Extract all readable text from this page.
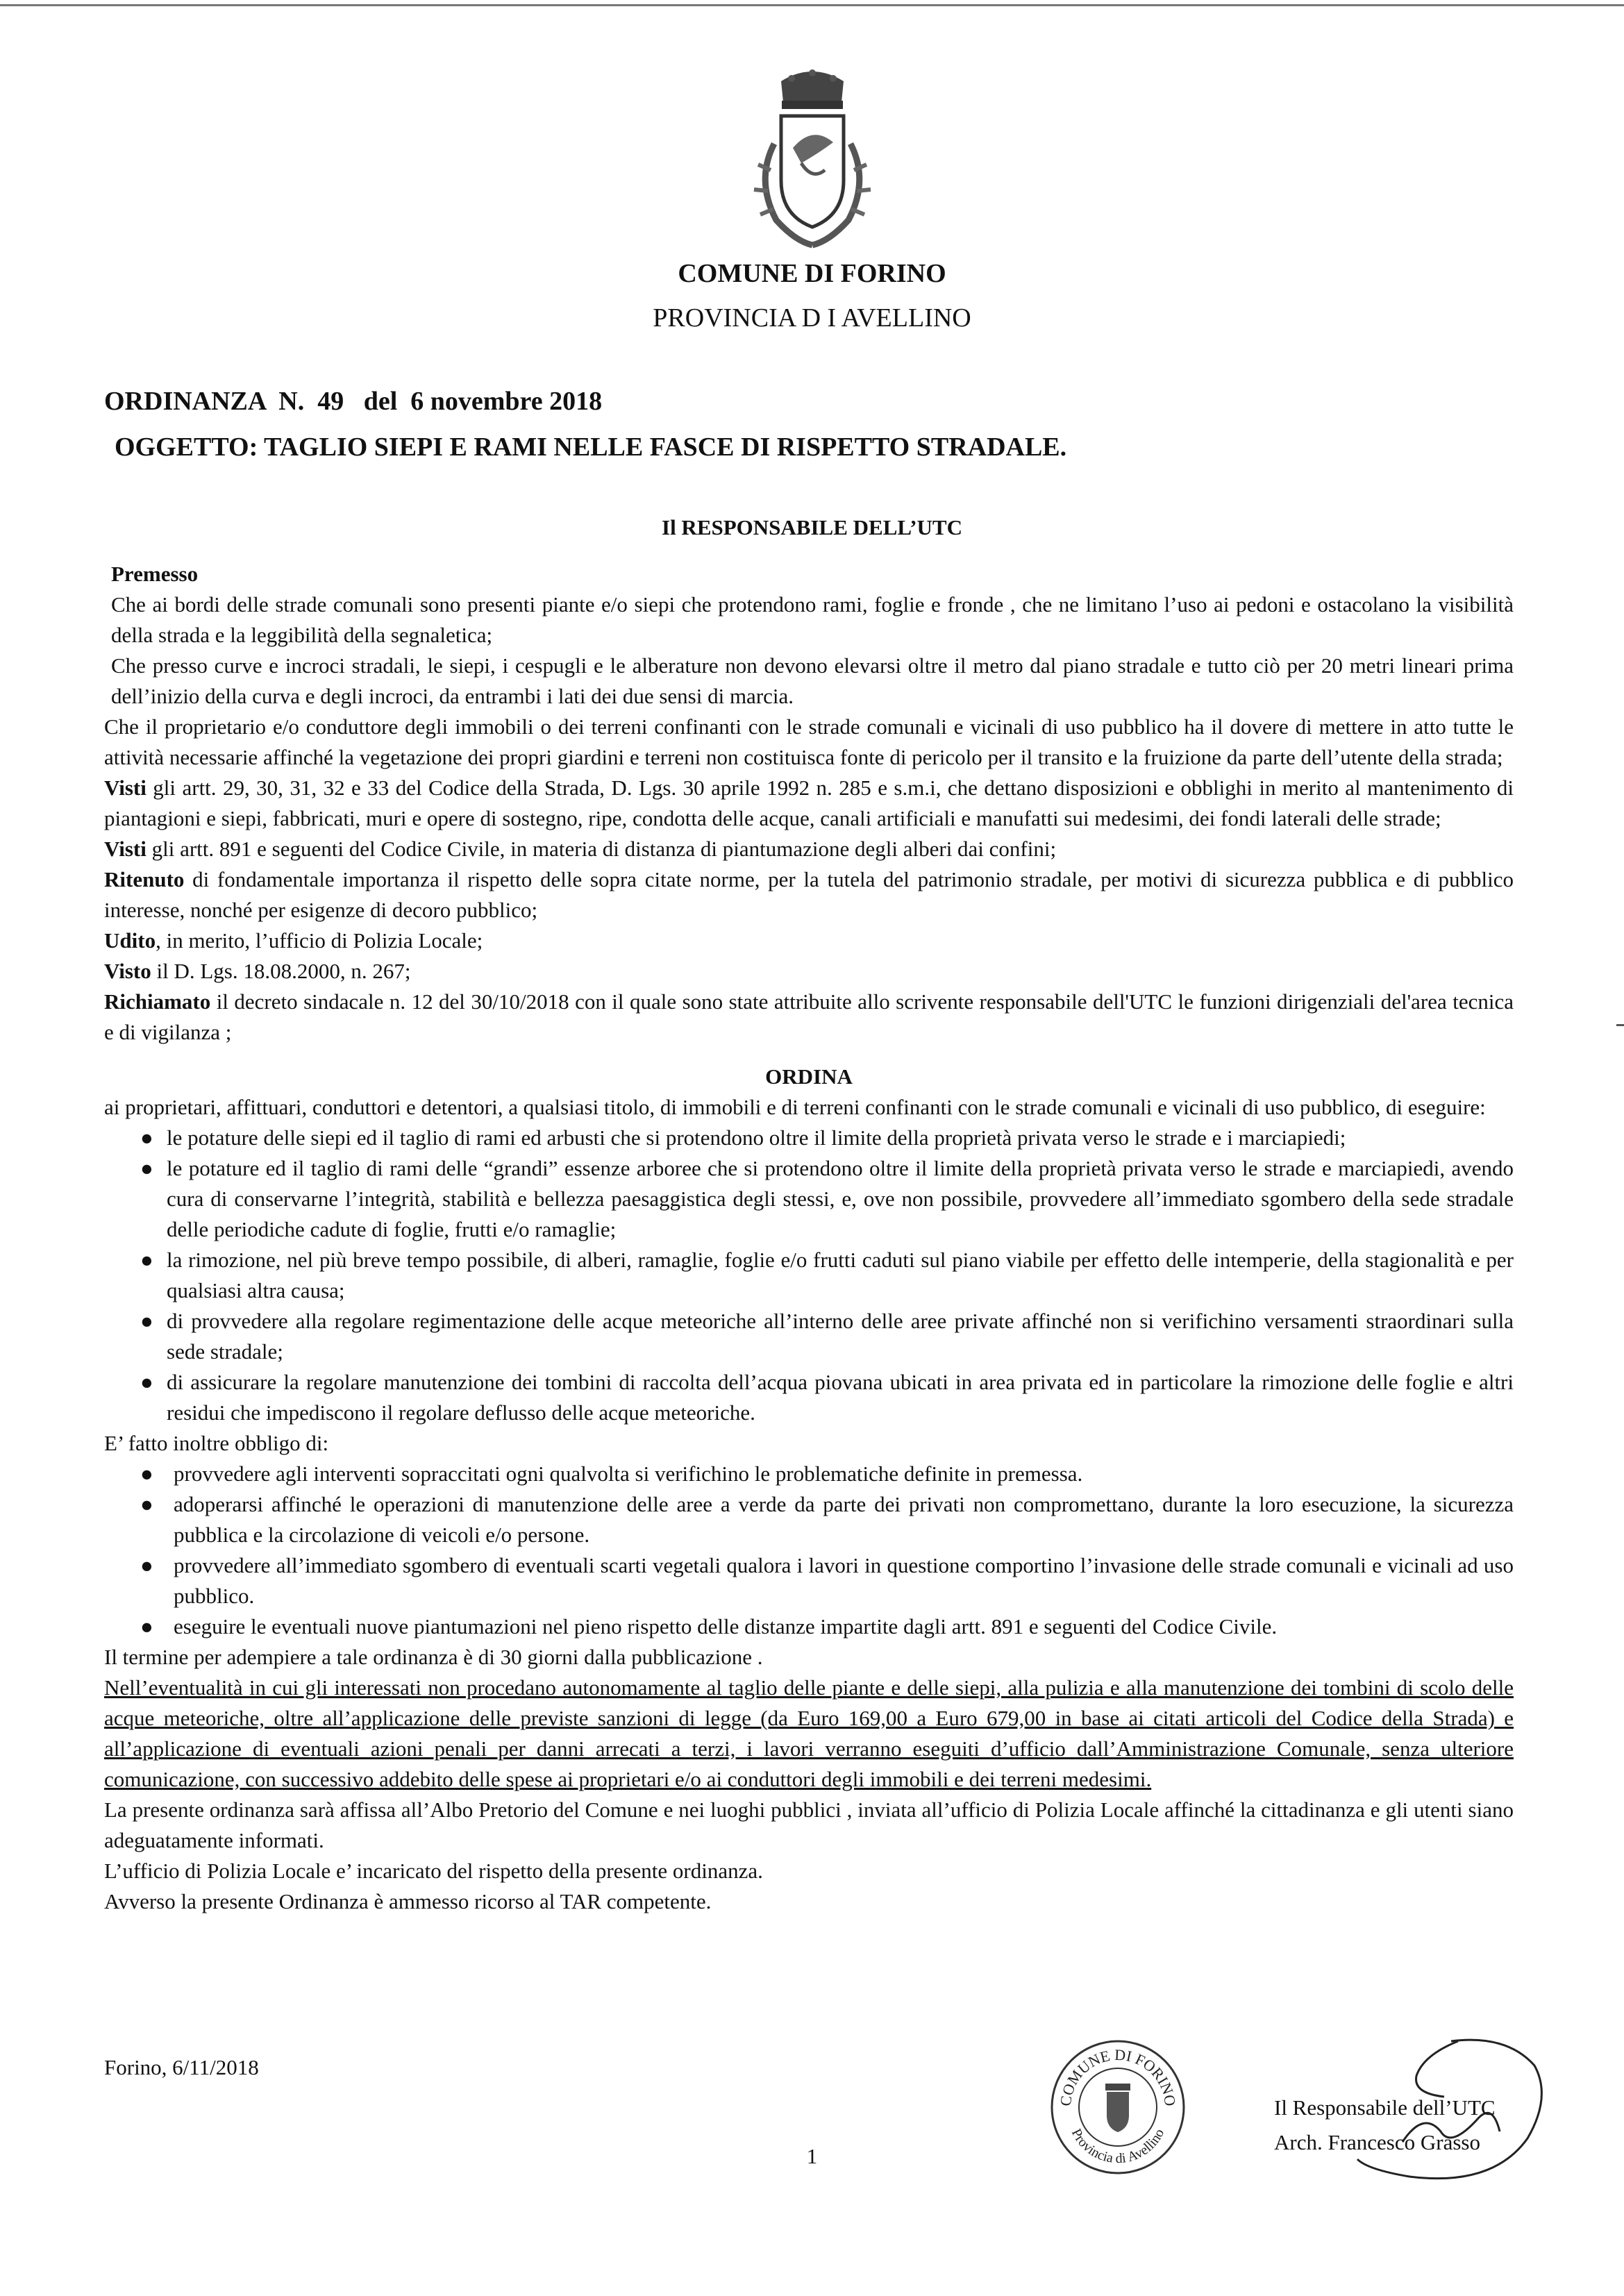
COMUNE DI FORINO
PROVINCIA D I AVELLINO
ORDINANZA  N.  49   del  6 novembre 2018
OGGETTO: TAGLIO SIEPI E RAMI NELLE FASCE DI RISPETTO STRADALE.
Il RESPONSABILE DELL’UTC

Premesso

Che ai bordi delle strade comunali sono presenti piante e/o siepi che protendono rami, foglie e fronde , che ne limitano l’uso ai pedoni e ostacolano la visibilità della strada e la leggibilità della segnaletica;

Che presso curve e incroci stradali, le siepi, i cespugli e le alberature non devono elevarsi oltre il metro dal piano stradale e tutto ciò per 20 metri lineari prima dell’inizio della curva e degli incroci, da entrambi i lati dei due sensi di marcia.

Che il proprietario e/o conduttore degli immobili o dei terreni confinanti con le strade comunali e vicinali di uso pubblico ha il dovere di mettere in atto tutte le attività necessarie affinché la vegetazione dei propri giardini e terreni non costituisca fonte di pericolo per il transito e la fruizione da parte dell’utente della strada;

Visti gli artt. 29, 30, 31, 32 e 33 del Codice della Strada, D. Lgs. 30 aprile 1992 n. 285 e s.m.i, che dettano disposizioni e obblighi in merito al mantenimento di piantagioni e siepi, fabbricati, muri e opere di sostegno, ripe, condotta delle acque, canali artificiali e manufatti sui medesimi, dei fondi laterali delle strade;

Visti gli artt. 891 e seguenti del Codice Civile, in materia di distanza di piantumazione degli alberi dai confini;

Ritenuto di fondamentale importanza il rispetto delle sopra citate norme, per la tutela del patrimonio stradale, per motivi di sicurezza pubblica e di pubblico interesse, nonché per esigenze di decoro pubblico;

Udito, in merito, l’ufficio di Polizia Locale;

Visto il D. Lgs. 18.08.2000, n. 267;

Richiamato il decreto sindacale n. 12 del 30/10/2018 con il quale sono state attribuite allo scrivente responsabile dell'UTC le funzioni dirigenziali del'area tecnica e di vigilanza ;

ORDINA

ai proprietari, affittuari, conduttori e detentori, a qualsiasi titolo, di immobili e di terreni confinanti con le strade comunali e vicinali di uso pubblico, di eseguire:

● le potature delle siepi ed il taglio di rami ed arbusti che si protendono oltre il limite della proprietà privata verso le strade e i marciapiedi;
● le potature ed il taglio di rami delle “grandi” essenze arboree che si protendono oltre il limite della proprietà privata verso le strade e marciapiedi, avendo cura di conservarne l’integrità, stabilità e bellezza paesaggistica degli stessi, e, ove non possibile, provvedere all’immediato sgombero della sede stradale delle periodiche cadute di foglie, frutti e/o ramaglie;
● la rimozione, nel più breve tempo possibile, di alberi, ramaglie, foglie e/o frutti caduti sul piano viabile per effetto delle intemperie, della stagionalità e per qualsiasi altra causa;
● di provvedere alla regolare regimentazione delle acque meteoriche all’interno delle aree private affinché non si verifichino versamenti straordinari sulla sede stradale;
● di assicurare la regolare manutenzione dei tombini di raccolta dell’acqua piovana ubicati in area privata ed in particolare la rimozione delle foglie e altri residui che impediscono il regolare deflusso delle acque meteoriche.

E’ fatto inoltre obbligo di:

● provvedere agli interventi sopraccitati ogni qualvolta si verifichino le problematiche definite in premessa.
● adoperarsi affinché le operazioni di manutenzione delle aree a verde da parte dei privati non compromettano, durante la loro esecuzione, la sicurezza pubblica e la circolazione di veicoli e/o persone.
● provvedere all’immediato sgombero di eventuali scarti vegetali qualora i lavori in questione comportino l’invasione delle strade comunali e vicinali ad uso pubblico.
● eseguire le eventuali nuove piantumazioni nel pieno rispetto delle distanze impartite dagli artt. 891 e seguenti del Codice Civile.

Il termine per adempiere a tale ordinanza è di 30 giorni dalla pubblicazione .

Nell’eventualità in cui gli interessati non procedano autonomamente al taglio delle piante e delle siepi, alla pulizia e alla manutenzione dei tombini di scolo delle acque meteoriche, oltre all’applicazione delle previste sanzioni di legge (da Euro 169,00 a Euro 679,00 in base ai citati articoli del Codice della Strada) e all’applicazione di eventuali azioni penali per danni arrecati a terzi, i lavori verranno eseguiti d’ufficio dall’Amministrazione Comunale, senza ulteriore comunicazione, con successivo addebito delle spese ai proprietari e/o ai conduttori degli immobili e dei terreni medesimi.

La presente ordinanza sarà affissa all’Albo Pretorio del Comune e nei luoghi pubblici , inviata all’ufficio di Polizia Locale affinché la cittadinanza e gli utenti siano adeguatamente informati.

L’ufficio di Polizia Locale e’ incaricato del rispetto della presente ordinanza.

Avverso la presente Ordinanza è ammesso ricorso al TAR competente.

Forino, 6/11/2018
COMUNE DI FORINO
Provincia di Avellino
Il Responsabile dell’UTC
Arch. Francesco Grasso
1
